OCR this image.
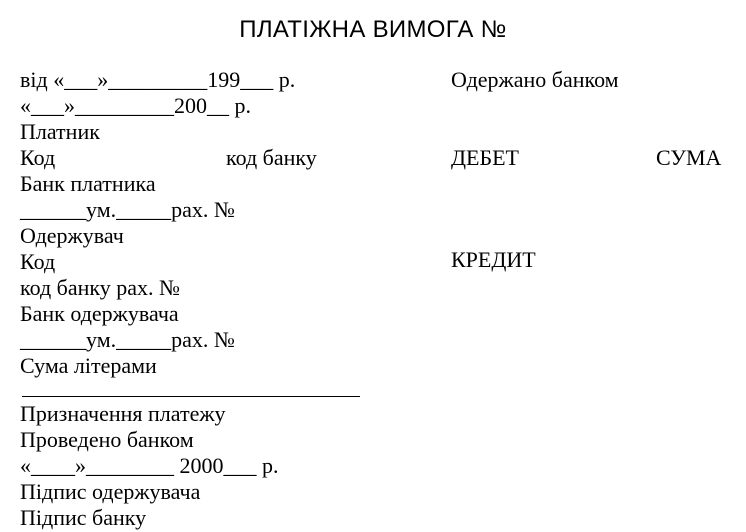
ПЛАТІЖНА ВИМОГА №
від «___»_________199___ р.
«___»_________200__ р.
Платник
Код
Банк платника
______ум._____рах. №
Одержувач
Код
код банку рах. №
Банк одержувача
______ум._____рах. №
Сума літерами
Призначення платежу
Проведено банком
«____»________ 2000___ р.
Підпис одержувача
Підпис банку
код банку
Одержано банком
ДЕБЕТ	СУМА
КРЕДИТ
